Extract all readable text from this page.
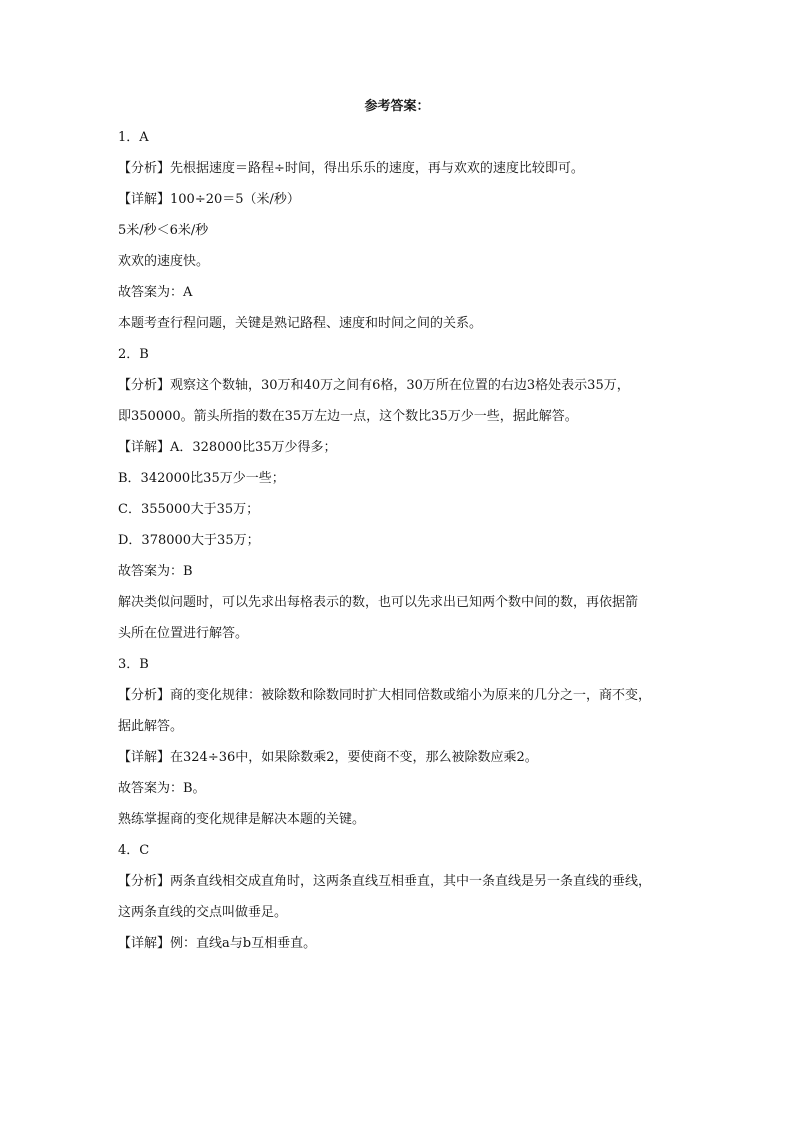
参考答案：
1．A
【分析】先根据速度＝路程÷时间，得出乐乐的速度，再与欢欢的速度比较即可。
【详解】100÷20＝5（米/秒）
5米/秒＜6米/秒
欢欢的速度快。
故答案为：A
本题考查行程问题，关键是熟记路程、速度和时间之间的关系。
2．B
【分析】观察这个数轴，30万和40万之间有6格，30万所在位置的右边3格处表示35万，
即350000。箭头所指的数在35万左边一点，这个数比35万少一些，据此解答。
【详解】A．328000比35万少得多；
B．342000比35万少一些；
C．355000大于35万；
D．378000大于35万；
故答案为：B
解决类似问题时，可以先求出每格表示的数，也可以先求出已知两个数中间的数，再依据箭
头所在位置进行解答。
3．B
【分析】商的变化规律：被除数和除数同时扩大相同倍数或缩小为原来的几分之一，商不变，
据此解答。
【详解】在324÷36中，如果除数乘2，要使商不变，那么被除数应乘2。
故答案为：B。
熟练掌握商的变化规律是解决本题的关键。
4．C
【分析】两条直线相交成直角时，这两条直线互相垂直，其中一条直线是另一条直线的垂线，
这两条直线的交点叫做垂足。
【详解】例：直线a与b互相垂直。
